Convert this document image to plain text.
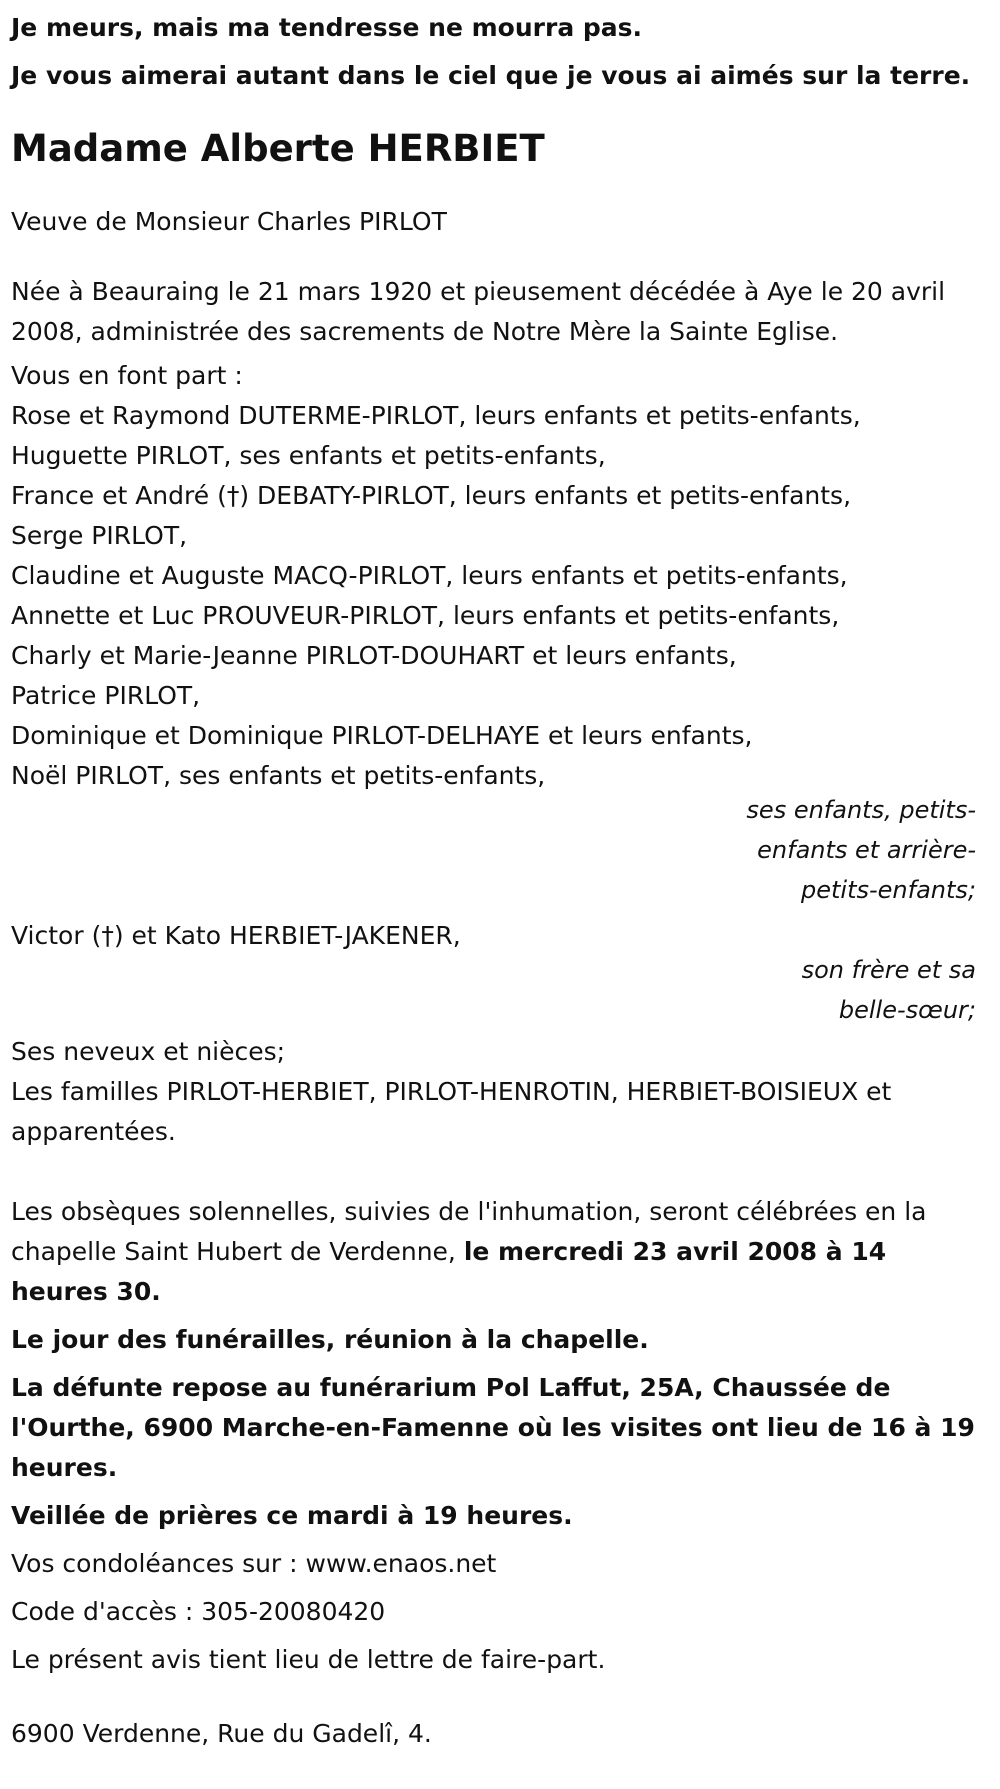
Je meurs, mais ma tendresse ne mourra pas.
Je vous aimerai autant dans le ciel que je vous ai aimés sur la terre.
Madame Alberte HERBIET
Veuve de Monsieur Charles PIRLOT
Née à Beauraing le 21 mars 1920 et pieusement décédée à Aye le 20 avril 2008, administrée des sacrements de Notre Mère la Sainte Eglise.
Vous en font part :
Rose et Raymond DUTERME-PIRLOT, leurs enfants et petits-enfants,
Huguette PIRLOT, ses enfants et petits-enfants,
France et André (†) DEBATY-PIRLOT, leurs enfants et petits-enfants,
Serge PIRLOT,
Claudine et Auguste MACQ-PIRLOT, leurs enfants et petits-enfants,
Annette et Luc PROUVEUR-PIRLOT, leurs enfants et petits-enfants,
Charly et Marie-Jeanne PIRLOT-DOUHART et leurs enfants,
Patrice PIRLOT,
Dominique et Dominique PIRLOT-DELHAYE et leurs enfants,
Noël PIRLOT, ses enfants et petits-enfants,
ses enfants, petits-
enfants et arrière-
petits-enfants;
Victor (†) et Kato HERBIET-JAKENER,
son frère et sa
belle-sœur;
Ses neveux et nièces;
Les familles PIRLOT-HERBIET, PIRLOT-HENROTIN, HERBIET-BOISIEUX et apparentées.
Les obsèques solennelles, suivies de l'inhumation, seront célébrées en la chapelle Saint Hubert de Verdenne, le mercredi 23 avril 2008 à 14 heures 30.
Le jour des funérailles, réunion à la chapelle.
La défunte repose au funérarium Pol Laffut, 25A, Chaussée de l'Ourthe, 6900 Marche-en-Famenne où les visites ont lieu de 16 à 19 heures.
Veillée de prières ce mardi à 19 heures.
Vos condoléances sur : www.enaos.net
Code d'accès : 305-20080420
Le présent avis tient lieu de lettre de faire-part.
6900 Verdenne, Rue du Gadelî, 4.
